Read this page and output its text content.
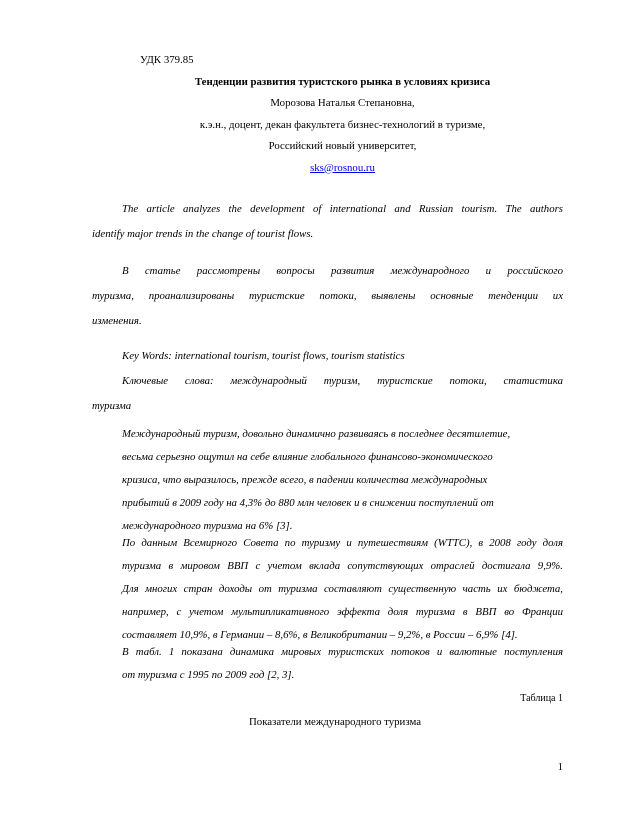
УДК 379.85
Тенденции развития туристского рынка в условиях кризиса
Морозова Наталья Степановна,
к.э.н., доцент, декан факультета бизнес-технологий в туризме,
Российский новый университет,
sks@rosnou.ru
The article analyzes the development of international and Russian tourism. The authors
identify major trends in the change of tourist flows.
В статье рассмотрены вопросы развития международного и российского
туризма, проанализированы туристские потоки, выявлены основные тенденции их
изменения.
Key Words: international tourism, tourist flows, tourism statistics
Ключевые слова: международный туризм, туристские потоки, статистика
туризма
Международный туризм, довольно динамично развиваясь в последнее десятилетие,
весьма серьезно ощутил на себе влияние глобального финансово-экономического
кризиса, что выразилось, прежде всего, в падении количества международных
прибытий в 2009 году на 4,3% до 880 млн человек и в снижении поступлений от
международного туризма на 6% [3].
По данным Всемирного Совета по туризму и путешествиям (WTTC), в 2008 году доля
туризма в мировом ВВП с учетом вклада сопутствующих отраслей достигала 9,9%.
Для многих стран доходы от туризма составляют существенную часть их бюджета,
например, с учетом мультипликативного эффекта доля туризма в ВВП во Франции
составляет 10,9%, в Германии – 8,6%, в Великобритании – 9,2%, в России – 6,9% [4].
В табл. 1 показана динамика мировых туристских потоков и валютные поступления
от туризма с 1995 по 2009 год [2, 3].
Таблица 1
Показатели международного туризма
1
